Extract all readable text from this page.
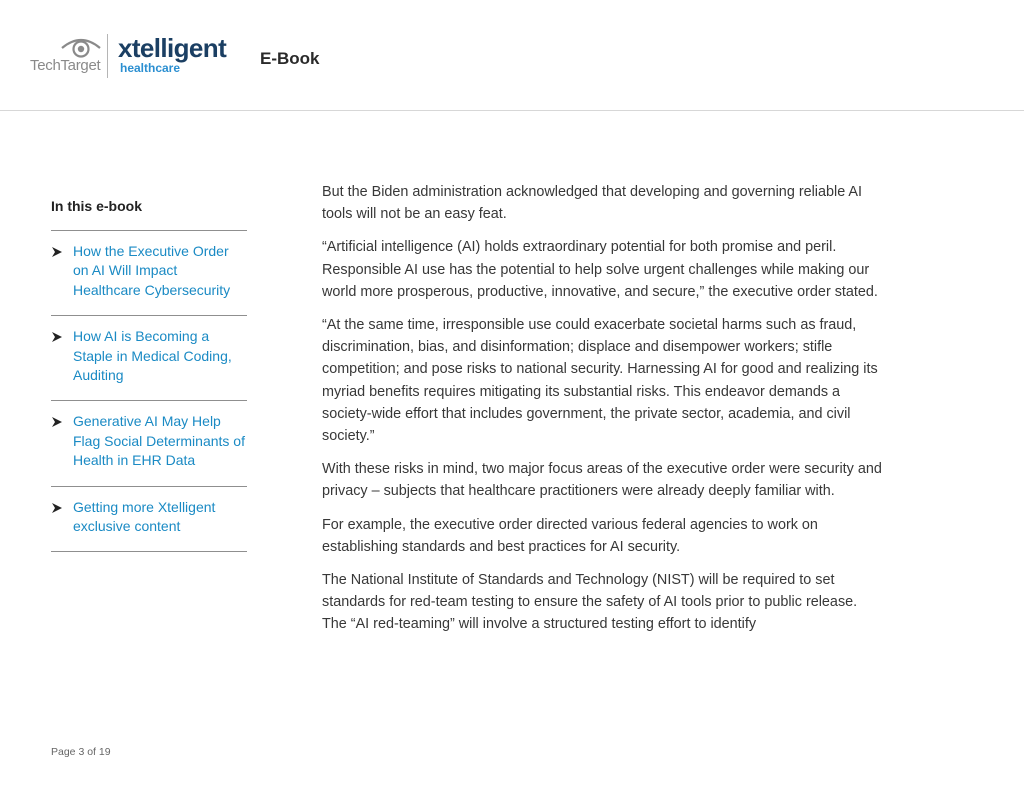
TechTarget
xtelligent
healthcare	E-Book
In this e-book
How the Executive Order on AI Will Impact Healthcare Cybersecurity
How AI is Becoming a Staple in Medical Coding, Auditing
Generative AI May Help Flag Social Determinants of Health in EHR Data
Getting more Xtelligent exclusive content

But the Biden administration acknowledged that developing and governing reliable AI tools will not be an easy feat.

“Artificial intelligence (AI) holds extraordinary potential for both promise and peril. Responsible AI use has the potential to help solve urgent challenges while making our world more prosperous, productive, innovative, and secure,” the executive order stated.

“At the same time, irresponsible use could exacerbate societal harms such as fraud, discrimination, bias, and disinformation; displace and disempower workers; stifle competition; and pose risks to national security. Harnessing AI for good and realizing its myriad benefits requires mitigating its substantial risks. This endeavor demands a society-wide effort that includes government, the private sector, academia, and civil society.”

With these risks in mind, two major focus areas of the executive order were security and privacy – subjects that healthcare practitioners were already deeply familiar with.

For example, the executive order directed various federal agencies to work on establishing standards and best practices for AI security.

The National Institute of Standards and Technology (NIST) will be required to set standards for red-team testing to ensure the safety of AI tools prior to public release. The “AI red-teaming” will involve a structured testing effort to identify

Page 3 of 19
